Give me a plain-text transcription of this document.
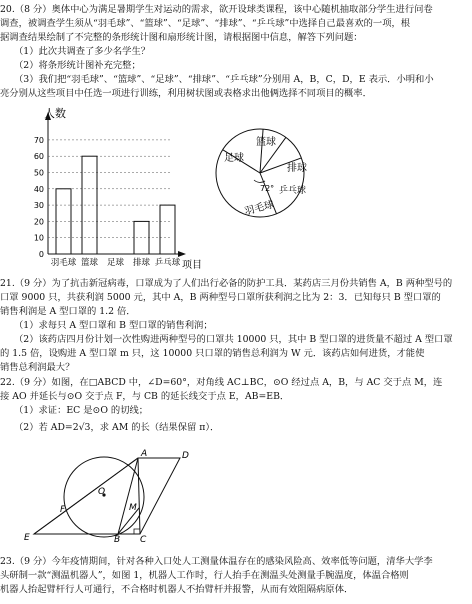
20.（8 分）奥体中心为满足暑期学生对运动的需求，欲开设球类课程，该中心随机抽取部分学生进行问卷
调查，被调查学生须从“羽毛球”、“篮球”、“足球”、“排球”、“乒乓球”中选择自己最喜欢的一项，根
据调查结果绘制了不完整的条形统计图和扇形统计图，请根据图中信息，解答下列问题：
（1）此次共调查了多少名学生？
（2）将条形统计图补充完整；
（3）我们把“羽毛球”、“篮球”、“足球”、“排球”、“乒乓球”分别用 A，B，C，D，E 表示．小明和小
亮分别从这些项目中任选一项进行训练，利用树状图或表格求出他俩选择不同项目的概率．
0
10
20
30
40
50
60
70
羽毛球 篮球 足球 排球 乒乓球
人数
项目
足球
篮球
排球
乒乓球
羽毛球
72°
21.（9 分）为了抗击新冠病毒，口罩成为了人们出行必备的防护工具．某药店三月份共销售 A，B 两种型号的
口罩 9000 只，共获利润 5000 元，其中 A，B 两种型号口罩所获利润之比为 2：3．已知每只 B 型口罩的
销售利润是 A 型口罩的 1.2 倍．
（1）求每只 A 型口罩和 B 型口罩的销售利润；
（2）该药店四月份计划一次性购进两种型号的口罩共 10000 只，其中 B 型口罩的进货量不超过 A 型口罩
的 1.5 倍，设购进 A 型口罩 m 只，这 10000 只口罩的销售总利润为 W 元．该药店如何进货，才能使
销售总利润最大？
22.（9 分）如图，在□ABCD 中，∠D=60°，对角线 AC⊥BC，⊙O 经过点 A，B，与 AC 交于点 M，连
接 AO 并延长与⊙O 交于点 F，与 CB 的延长线交于点 E，AB=EB．
（1）求证：EC 是⊙O 的切线；
（2）若 AD=2√3，求 AM 的长（结果保留 π）．
A	D
F
O
M
E	B C
23.（9 分）今年疫情期间，针对各种入口处人工测量体温存在的感染风险高、效率低等问题，清华大学李
头研制一款“测温机器人”，如图 1，机器人工作时，行人抬手在测温头处测量手腕温度，体温合格则
机器人抬起臂杆行人可通行，不合格时机器人不抬臂杆并报警，从而有效阻隔病原体．
